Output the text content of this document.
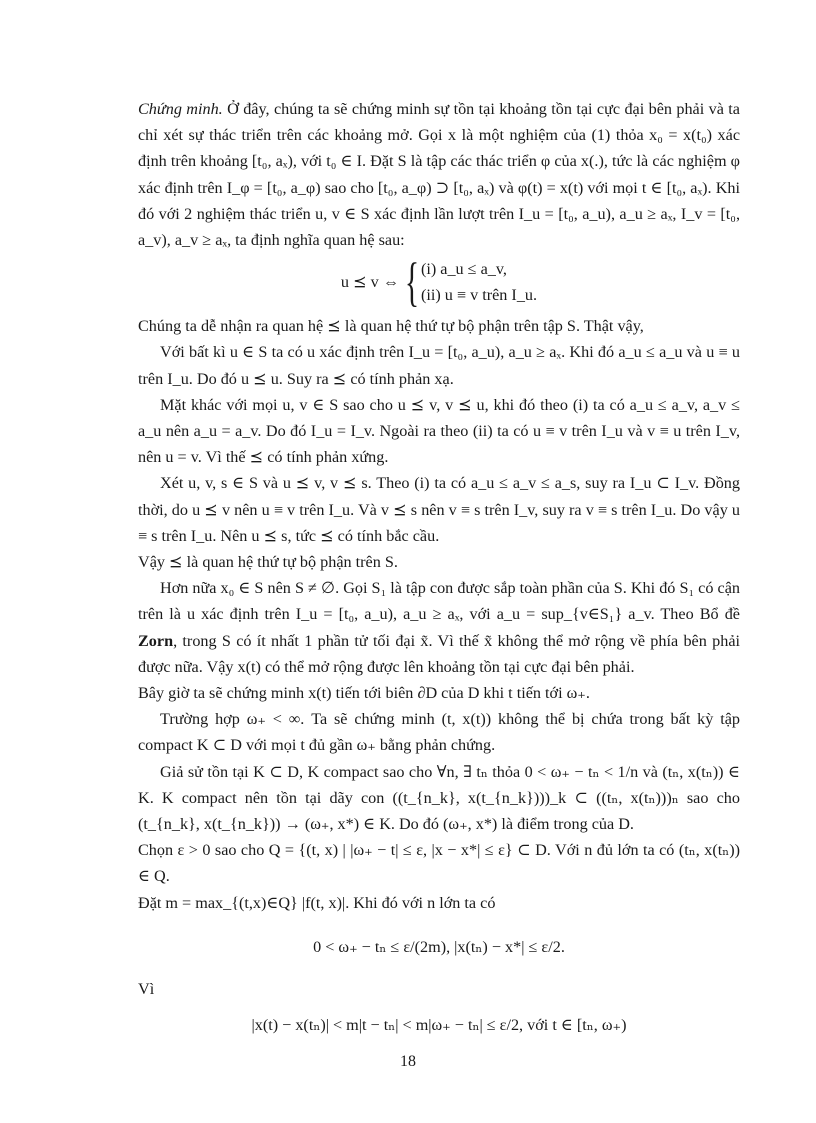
Chứng minh. Ở đây, chúng ta sẽ chứng minh sự tồn tại khoảng tồn tại cực đại bên phải và ta chỉ xét sự thác triển trên các khoảng mở. Gọi x là một nghiệm của (1) thỏa x₀ = x(t₀) xác định trên khoảng [t₀, aₓ), với t₀ ∈ I. Đặt S là tập các thác triển φ của x(.), tức là các nghiệm φ xác định trên I_φ = [t₀, a_φ) sao cho [t₀, a_φ) ⊃ [t₀, aₓ) và φ(t) = x(t) với mọi t ∈ [t₀, aₓ). Khi đó với 2 nghiệm thác triển u, v ∈ S xác định lần lượt trên I_u = [t₀, a_u), a_u ≥ aₓ, I_v = [t₀, a_v), a_v ≥ aₓ, ta định nghĩa quan hệ sau:

u ⪯ v ⇔ { (i) a_u ≤ a_v,
(ii) u ≡ v trên I_u.

Chúng ta dễ nhận ra quan hệ ⪯ là quan hệ thứ tự bộ phận trên tập S. Thật vậy,

Với bất kì u ∈ S ta có u xác định trên I_u = [t₀, a_u), a_u ≥ aₓ. Khi đó a_u ≤ a_u và u ≡ u trên I_u. Do đó u ⪯ u. Suy ra ⪯ có tính phản xạ.

Mặt khác với mọi u, v ∈ S sao cho u ⪯ v, v ⪯ u, khi đó theo (i) ta có a_u ≤ a_v, a_v ≤ a_u nên a_u = a_v. Do đó I_u = I_v. Ngoài ra theo (ii) ta có u ≡ v trên I_u và v ≡ u trên I_v, nên u = v. Vì thế ⪯ có tính phản xứng.

Xét u, v, s ∈ S và u ⪯ v, v ⪯ s. Theo (i) ta có a_u ≤ a_v ≤ a_s, suy ra I_u ⊂ I_v. Đồng thời, do u ⪯ v nên u ≡ v trên I_u. Và v ⪯ s nên v ≡ s trên I_v, suy ra v ≡ s trên I_u. Do vậy u ≡ s trên I_u. Nên u ⪯ s, tức ⪯ có tính bắc cầu.

Vậy ⪯ là quan hệ thứ tự bộ phận trên S.

Hơn nữa x₀ ∈ S nên S ≠ ∅. Gọi S₁ là tập con được sắp toàn phần của S. Khi đó S₁ có cận trên là u xác định trên I_u = [t₀, a_u), a_u ≥ aₓ, với a_u = sup_{v∈S₁} a_v. Theo Bổ đề Zorn, trong S có ít nhất 1 phần tử tối đại x̃. Vì thế x̃ không thể mở rộng về phía bên phải được nữa. Vậy x(t) có thể mở rộng được lên khoảng tồn tại cực đại bên phải.

Bây giờ ta sẽ chứng minh x(t) tiến tới biên ∂D của D khi t tiến tới ω₊.

Trường hợp ω₊ < ∞. Ta sẽ chứng minh (t, x(t)) không thể bị chứa trong bất kỳ tập compact K ⊂ D với mọi t đủ gần ω₊ bằng phản chứng.

Giả sử tồn tại K ⊂ D, K compact sao cho ∀n, ∃ tₙ thỏa 0 < ω₊ − tₙ < 1/n và (tₙ, x(tₙ)) ∈ K. K compact nên tồn tại dãy con ((t_{n_k}, x(t_{n_k})))_k ⊂ ((tₙ, x(tₙ)))ₙ sao cho (t_{n_k}, x(t_{n_k})) → (ω₊, x*) ∈ K. Do đó (ω₊, x*) là điểm trong của D.

Chọn ε > 0 sao cho Q = {(t, x) | |ω₊ − t| ≤ ε, |x − x*| ≤ ε} ⊂ D. Với n đủ lớn ta có (tₙ, x(tₙ)) ∈ Q.

Đặt m = max_{(t,x)∈Q} |f(t, x)|. Khi đó với n lớn ta có

0 < ω₊ − tₙ ≤ ε/(2m), |x(tₙ) − x*| ≤ ε/2.

Vì

|x(t) − x(tₙ)| < m|t − tₙ| < m|ω₊ − tₙ| ≤ ε/2, với t ∈ [tₙ, ω₊)
18
